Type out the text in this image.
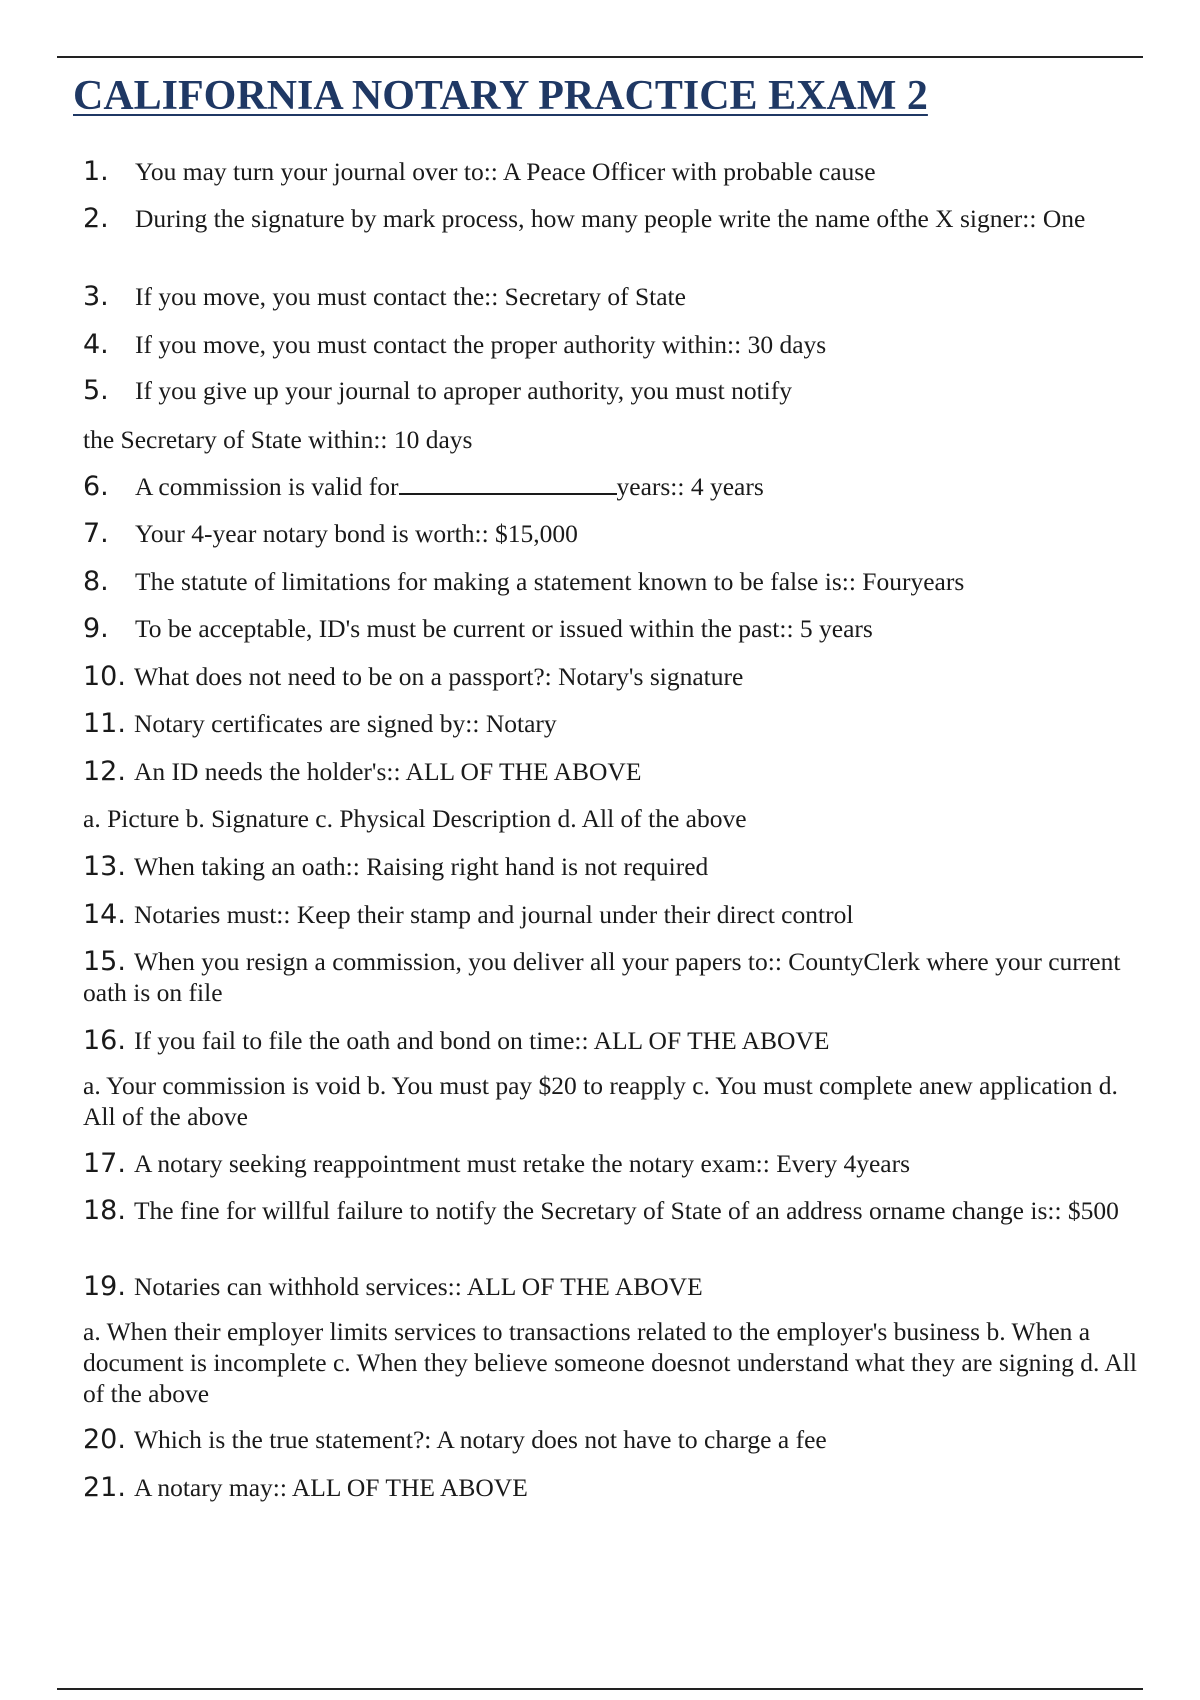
CALIFORNIA NOTARY PRACTICE EXAM 2
1. You may turn your journal over to:: A Peace Officer with probable cause
2. During the signature by mark process, how many people write the name ofthe X signer:: One
3. If you move, you must contact the:: Secretary of State
4. If you move, you must contact the proper authority within:: 30 days
5. If you give up your journal to aproper authority, you must notify
the Secretary of State within:: 10 days
6. A commission is valid for	years:: 4 years
7. Your 4-year notary bond is worth:: $15,000
8. The statute of limitations for making a statement known to be false is:: Fouryears
9. To be acceptable, ID's must be current or issued within the past:: 5 years
10. What does not need to be on a passport?: Notary's signature
11. Notary certificates are signed by:: Notary
12. An ID needs the holder's:: ALL OF THE ABOVE
a. Picture b. Signature c. Physical Description d. All of the above
13. When taking an oath:: Raising right hand is not required
14. Notaries must:: Keep their stamp and journal under their direct control
15. When you resign a commission, you deliver all your papers to:: CountyClerk where your current oath is on file
16. If you fail to file the oath and bond on time:: ALL OF THE ABOVE
a. Your commission is void b. You must pay $20 to reapply c. You must complete anew application d. All of the above
17. A notary seeking reappointment must retake the notary exam:: Every 4years
18. The fine for willful failure to notify the Secretary of State of an address orname change is:: $500
19. Notaries can withhold services:: ALL OF THE ABOVE
a. When their employer limits services to transactions related to the employer's business b. When a document is incomplete c. When they believe someone doesnot understand what they are signing d. All of the above
20. Which is the true statement?: A notary does not have to charge a fee
21. A notary may:: ALL OF THE ABOVE
